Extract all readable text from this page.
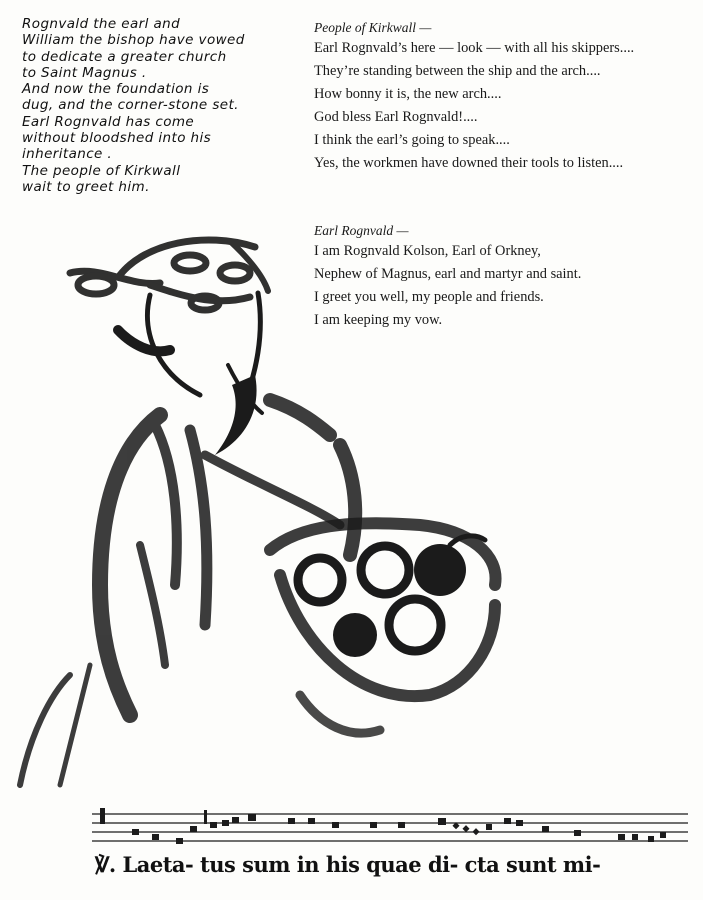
Rognvald the earl and
William the bishop have vowed
to dedicate a greater church
to Saint Magnus .
And now the foundation is
dug, and the corner-stone set.
Earl Rognvald has come
without bloodshed into his
inheritance .
The people of Kirkwall
wait to greet him.
People of Kirkwall —
Earl Rognvald’s here — look — with all his skippers....
They’re standing between the ship and the arch....
How bonny it is, the new arch....
God bless Earl Rognvald!....
I think the earl’s going to speak....
Yes, the workmen have downed their tools to listen....
Earl Rognvald —
I am Rognvald Kolson, Earl of Orkney,
Nephew of Magnus, earl and martyr and saint.
I greet you well, my people and friends.
I am keeping my vow.
℣. Laeta- tus sum in his quae di- cta sunt mi-
